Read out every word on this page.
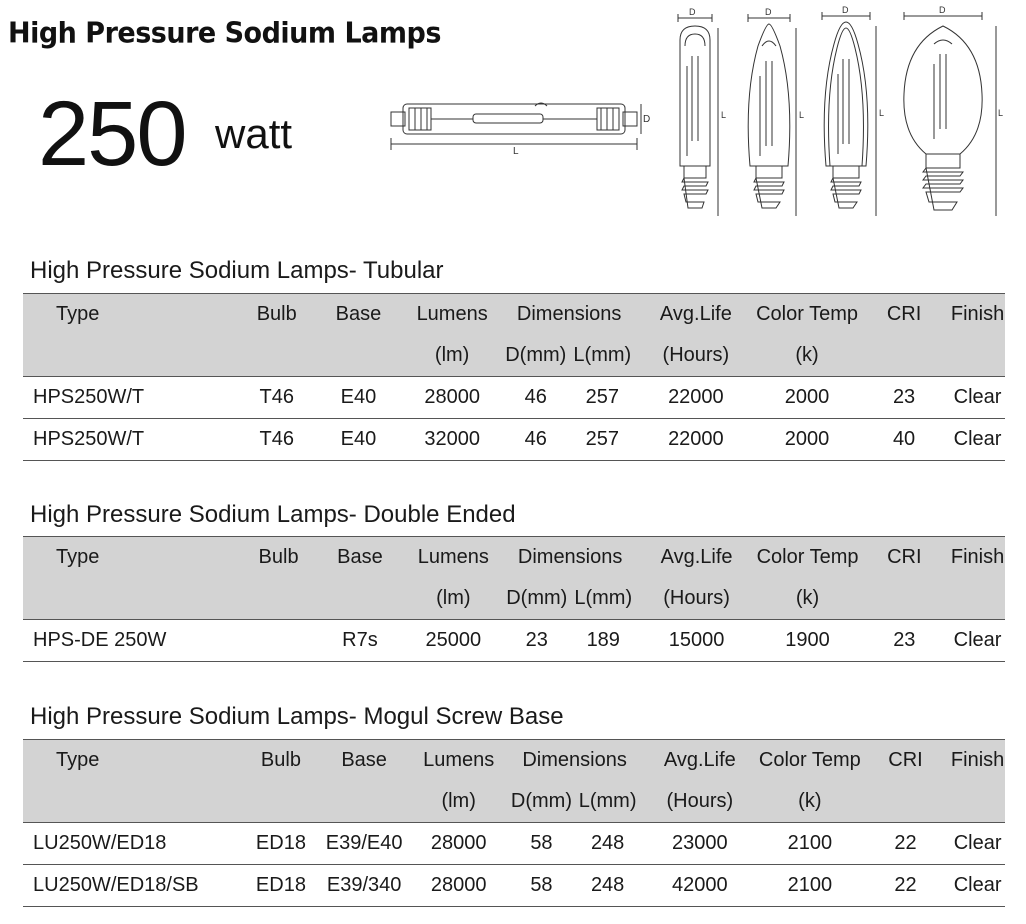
High Pressure Sodium Lamps
250 watt	L
D
D
L
D
L
D
L
D
L
High Pressure Sodium Lamps- Tubular
Type	Bulb	Base	Lumens	Dimensions		Avg.Life	Color Temp	CRI	Finish
			(lm)	D(mm)	L(mm)	(Hours)	(k)		
HPS250W/T	T46	E40	28000	46	257	22000	2000	23	Clear
HPS250W/T	T46	E40	32000	46	257	22000	2000	40	Clear
High Pressure Sodium Lamps- Double Ended
Type	Bulb	Base	Lumens	Dimensions		Avg.Life	Color Temp	CRI	Finish
			(lm)	D(mm)	L(mm)	(Hours)	(k)		
HPS-DE 250W		R7s	25000	23	189	15000	1900	23	Clear
High Pressure Sodium Lamps- Mogul Screw Base
Type	Bulb	Base	Lumens	Dimensions		Avg.Life	Color Temp	CRI	Finish
			(lm)	D(mm)	L(mm)	(Hours)	(k)		
LU250W/ED18	ED18	E39/E40	28000	58	248	23000	2100	22	Clear
LU250W/ED18/SB	ED18	E39/340	28000	58	248	42000	2100	22	Clear
